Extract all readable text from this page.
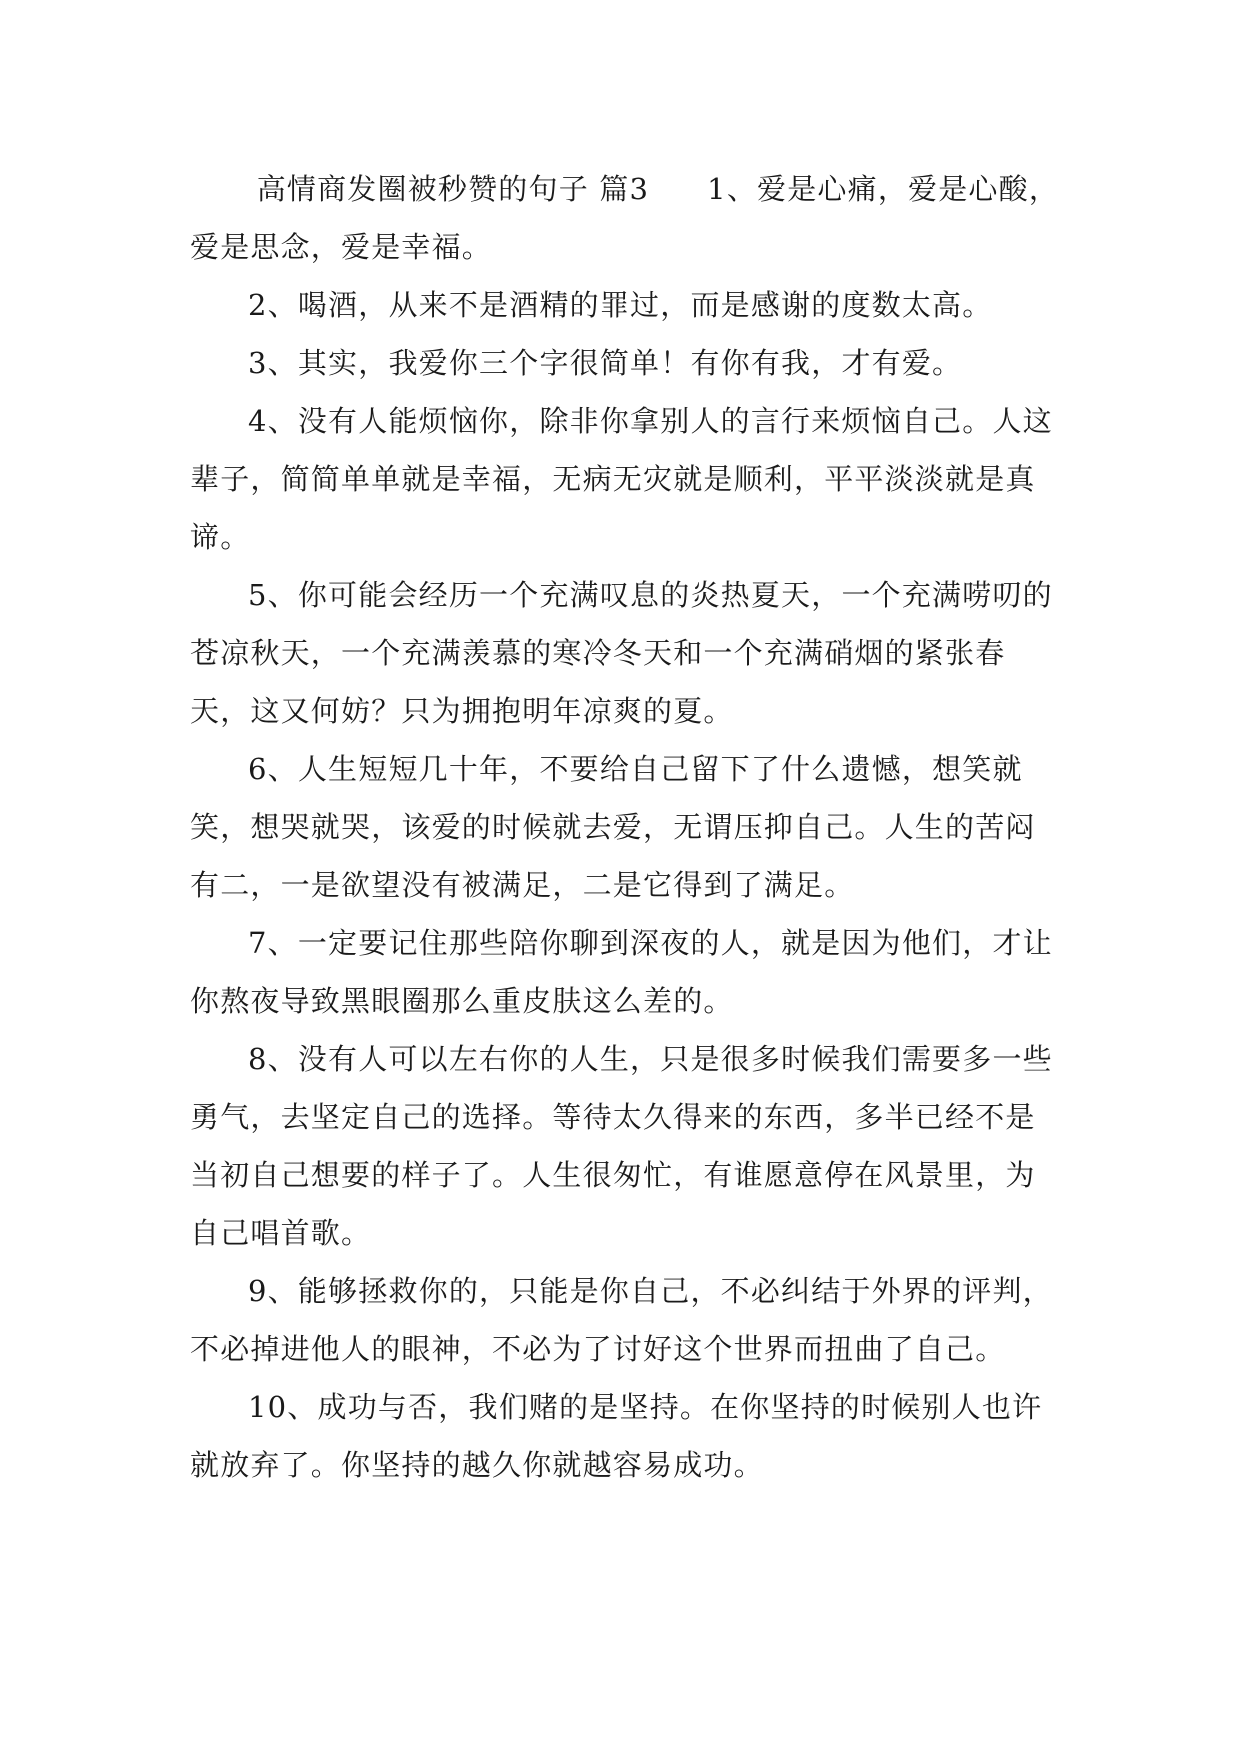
高情商发圈被秒赞的句子 篇3 1、爱是心痛，爱是心酸，爱是思念，爱是幸福。

2、喝酒，从来不是酒精的罪过，而是感谢的度数太高。

3、其实，我爱你三个字很简单！有你有我，才有爱。

4、没有人能烦恼你，除非你拿别人的言行来烦恼自己。人这辈子，简简单单就是幸福，无病无灾就是顺利，平平淡淡就是真谛。

5、你可能会经历一个充满叹息的炎热夏天，一个充满唠叨的苍凉秋天，一个充满羡慕的寒冷冬天和一个充满硝烟的紧张春天，这又何妨？只为拥抱明年凉爽的夏。

6、人生短短几十年，不要给自己留下了什么遗憾，想笑就笑，想哭就哭，该爱的时候就去爱，无谓压抑自己。人生的苦闷有二，一是欲望没有被满足，二是它得到了满足。

7、一定要记住那些陪你聊到深夜的人，就是因为他们，才让你熬夜导致黑眼圈那么重皮肤这么差的。

8、没有人可以左右你的人生，只是很多时候我们需要多一些勇气，去坚定自己的选择。等待太久得来的东西，多半已经不是当初自己想要的样子了。人生很匆忙，有谁愿意停在风景里，为自己唱首歌。

9、能够拯救你的，只能是你自己，不必纠结于外界的评判，不必掉进他人的眼神，不必为了讨好这个世界而扭曲了自己。

10、成功与否，我们赌的是坚持。在你坚持的时候别人也许就放弃了。你坚持的越久你就越容易成功。
